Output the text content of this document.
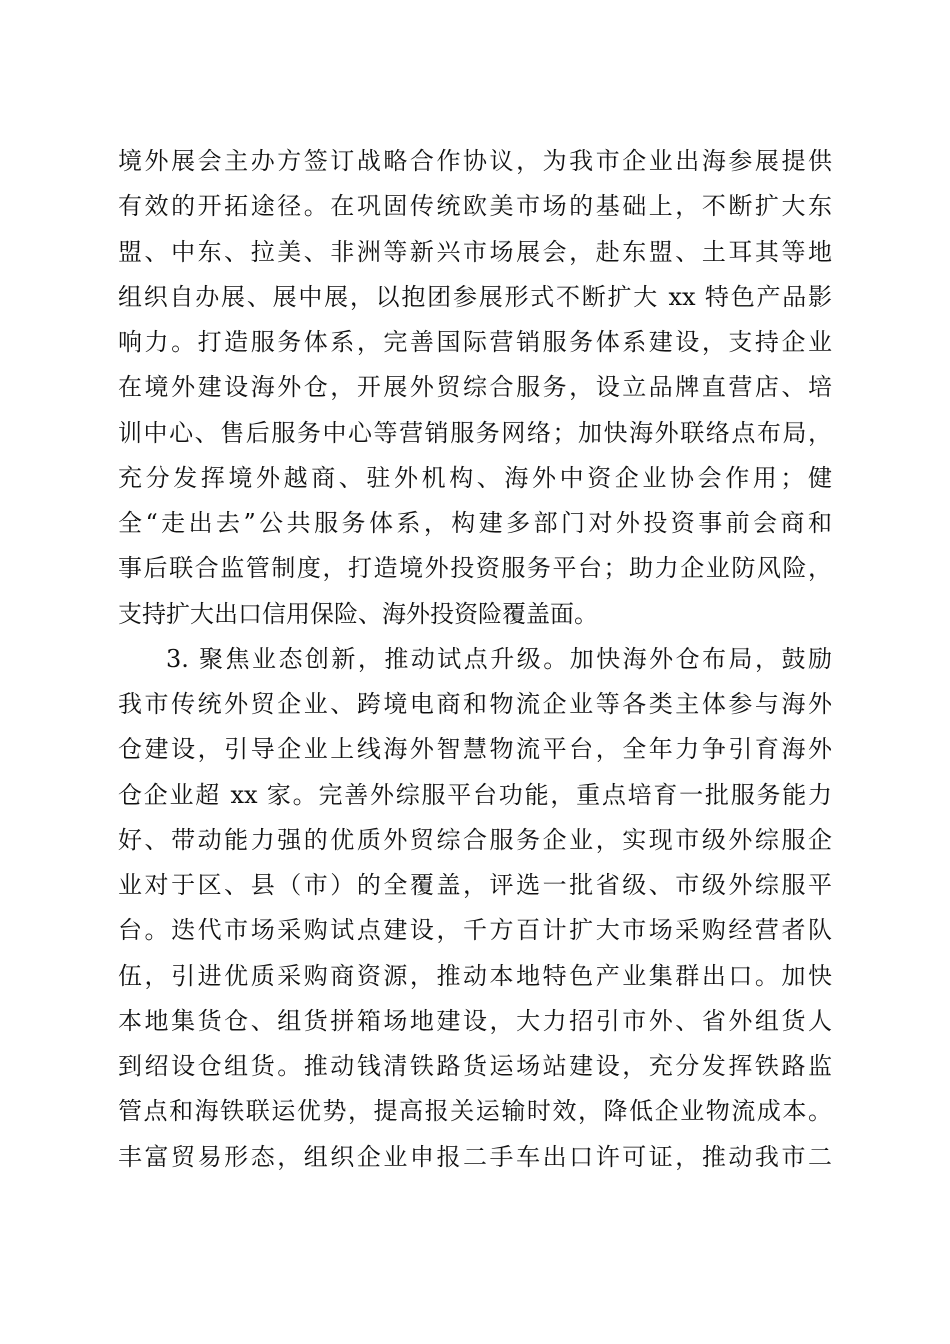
境外展会主办方签订战略合作协议，为我市企业出海参展提供
有效的开拓途径。在巩固传统欧美市场的基础上，不断扩大东
盟、中东、拉美、非洲等新兴市场展会，赴东盟、土耳其等地
组织自办展、展中展，以抱团参展形式不断扩大 xx 特色产品影
响力。打造服务体系，完善国际营销服务体系建设，支持企业
在境外建设海外仓，开展外贸综合服务，设立品牌直营店、培
训中心、售后服务中心等营销服务网络；加快海外联络点布局，
充分发挥境外越商、驻外机构、海外中资企业协会作用；健
全“走出去”公共服务体系，构建多部门对外投资事前会商和
事后联合监管制度，打造境外投资服务平台；助力企业防风险，
支持扩大出口信用保险、海外投资险覆盖面。
3. 聚焦业态创新，推动试点升级。加快海外仓布局，鼓励
我市传统外贸企业、跨境电商和物流企业等各类主体参与海外
仓建设，引导企业上线海外智慧物流平台，全年力争引育海外
仓企业超 xx 家。完善外综服平台功能，重点培育一批服务能力
好、带动能力强的优质外贸综合服务企业，实现市级外综服企
业对于区、县（市）的全覆盖，评选一批省级、市级外综服平
台。迭代市场采购试点建设，千方百计扩大市场采购经营者队
伍，引进优质采购商资源，推动本地特色产业集群出口。加快
本地集货仓、组货拼箱场地建设，大力招引市外、省外组货人
到绍设仓组货。推动钱清铁路货运场站建设，充分发挥铁路监
管点和海铁联运优势，提高报关运输时效，降低企业物流成本。
丰富贸易形态，组织企业申报二手车出口许可证，推动我市二
